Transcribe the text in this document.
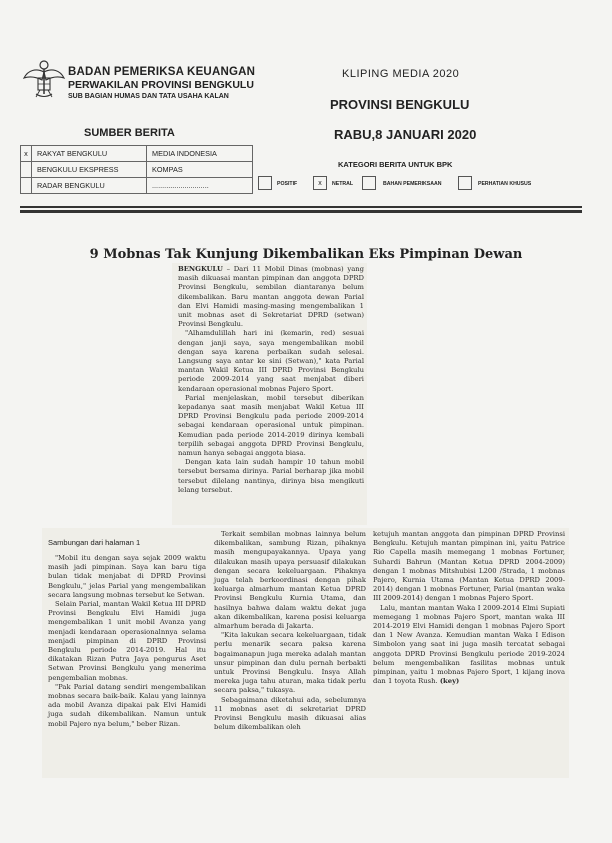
BADAN PEMERIKSA KEUANGAN
PERWAKILAN PROVINSI BENGKULU
SUB BAGIAN HUMAS DAN TATA USAHA KALAN
KLIPING MEDIA 2020
PROVINSI BENGKULU
RABU,8 JANUARI 2020
SUMBER BERITA
x	RAKYAT BENGKULU	MEDIA INDONESIA
	BENGKULU EKSPRESS	KOMPAS
	RADAR BENGKULU	............................
KATEGORI BERITA UNTUK BPK
POSITIF	x	NETRAL	BAHAN PEMERIKSAAN	PERHATIAN KHUSUS
9 Mobnas Tak Kunjung Dikembalikan Eks Pimpinan Dewan

BENGKULU – Dari 11 Mobil Dinas (mobnas) yang masih dikuasai mantan pimpinan dan anggota DPRD Provinsi Bengkulu, sembilan diantaranya belum dikembalikan. Baru mantan anggota dewan Parial dan Elvi Hamidi masing-masing mengembalikan 1 unit mobnas aset di Sekretariat DPRD (setwan) Provinsi Bengkulu.

"Alhamdulillah hari ini (kemarin, red) sesuai dengan janji saya, saya mengembalikan mobil dengan saya karena perbaikan sudah selesai. Langsung saya antar ke sini (Setwan)," kata Parial mantan Wakil Ketua III DPRD Provinsi Bengkulu periode 2009-2014 yang saat menjabat diberi kendaraan operasional mobnas Pajero Sport.

Parial menjelaskan, mobil tersebut diberikan kepadanya saat masih menjabat Wakil Ketua III DPRD Provinsi Bengkulu pada periode 2009-2014 sebagai kendaraan operasional untuk pimpinan. Kemudian pada periode 2014-2019 dirinya kembali terpilih sebagai anggota DPRD Provinsi Bengkulu, namun hanya sebagai anggota biasa.

Dengan kata lain sudah hampir 10 tahun mobil tersebut bersama dirinya. Parial berharap jika mobil tersebut dilelang nantinya, dirinya bisa mengikuti lelang tersebut.

Sambungan dari halaman 1

"Mobil itu dengan saya sejak 2009 waktu masih jadi pimpinan. Saya kan baru tiga bulan tidak menjabat di DPRD Provinsi Bengkulu," jelas Parial yang mengembalikan secara langsung mobnas tersebut ke Setwan.

Selain Parial, mantan Wakil Ketua III DPRD Provinsi Bengkulu Elvi Hamidi juga mengembalikan 1 unit mobil Avanza yang menjadi kendaraan operasionalnnya selama menjadi pimpinan di DPRD Provinsi Bengkulu periode 2014-2019. Hal itu dikatakan Rizan Putra Jaya pengurus Aset Setwan Provinsi Bengkulu yang menerima pengembalian mobnas.

"Pak Parial datang sendiri mengembalikan mobnas secara baik-baik. Kalau yang lainnya ada mobil Avanza dipakai pak Elvi Hamidi juga sudah dikembalikan. Namun untuk mobil Pajero nya belum," beber Rizan.

Terkait sembilan mobnas lainnya belum dikembalikan, sambung Rizan, pihaknya masih mengupayakannya. Upaya yang dilakukan masih upaya persuasif dilakukan dengan secara kekeluargaan. Pihaknya juga telah berkoordinasi dengan pihak keluarga almarhum mantan Ketua DPRD Provinsi Bengkulu Kurnia Utama, dan hasilnya bahwa dalam waktu dekat juga akan dikembalikan, karena posisi keluarga almarhum berada di Jakarta.

"Kita lakukan secara kekeluargaan, tidak perlu menarik secara paksa karena bagaimanapun juga mereka adalah mantan unsur pimpinan dan dulu pernah berbakti untuk Provinsi Bengkulu. Insya Allah mereka juga tahu aturan, maka tidak perlu secara paksa," tukasya.

Sebagaimana diketahui ada, sebelumnya 11 mobnas aset di sekretariat DPRD Provinsi Bengkulu masih dikuasai alias belum dikembalikan oleh

ketujuh mantan anggota dan pimpinan DPRD Provinsi Bengkulu. Ketujuh mantan pimpinan ini, yaitu Patrice Rio Capella masih memegang 1 mobnas Fortuner, Suhardi Bahrun (Mantan Ketua DPRD 2004-2009) dengan 1 mobnas Mitshubisi L200 /Strada, 1 mobnas Pajero, Kurnia Utama (Mantan Ketua DPRD 2009-2014) dengan 1 mobnas Fortuner, Parial (mantan waka III 2009-2014) dengan 1 mobnas Pajero Sport.

Lalu, mantan mantan Waka I 2009-2014 Elmi Supiati memegang 1 mobnas Pajero Sport, mantan waka III 2014-2019 Elvi Hamidi dengan 1 mobnas Pajero Sport dan 1 New Avanza. Kemudian mantan Waka I Edison Simbolon yang saat ini juga masih tercatat sebagai anggota DPRD Provinsi Bengkulu periode 2019-2024 belum mengembalikan fasilitas mobnas untuk pimpinan, yaitu 1 mobnas Pajero Sport, 1 kijang inova dan 1 toyota Rush. (key)
